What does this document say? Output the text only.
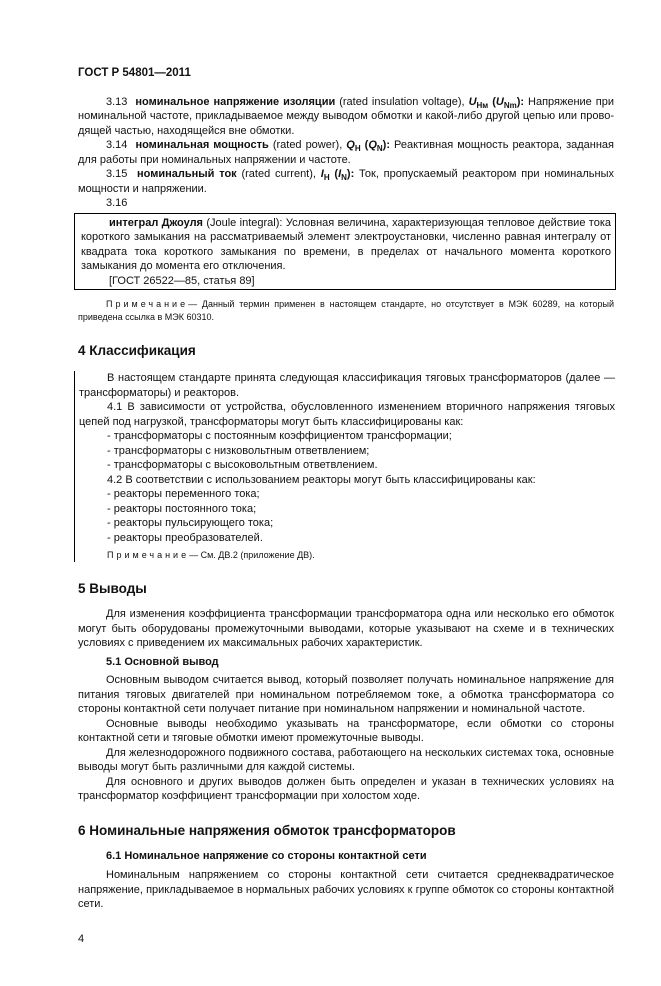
ГОСТ Р 54801—2011

3.13 номинальное напряжение изоляции (rated insulation voltage), $U_{Нм}$ $(U_{Nm})$: Напряжение при номинальной частоте, прикладываемое между выводом обмотки и какой-либо другой цепью или прово-дящей частью, находящейся вне обмотки.

3.14 номинальная мощность (rated power), $Q_Н$ $(Q_N)$: Реактивная мощность реактора, заданная для работы при номинальных напряжении и частоте.

3.15 номинальный ток (rated current), $I_Н$ $(I_N)$: Ток, пропускаемый реактором при номинальных мощности и напряжении.

3.16

интеграл Джоуля (Joule integral): Условная величина, характеризующая тепловое действие тока короткого замыкания на рассматриваемый элемент электроустановки, численно равная интегралу от квадрата тока короткого замыкания по времени, в пределах от начального момента короткого замыкания до момента его отключения.

[ГОСТ 26522—85, статья 89]

Примечание— Данный термин применен в настоящем стандарте, но отсутствует в МЭК 60289, на который приведена ссылка в МЭК 60310.

4 Классификация

В настоящем стандарте принята следующая классификация тяговых трансформаторов (далее — трансформаторы) и реакторов.

4.1 В зависимости от устройства, обусловленного изменением вторичного напряжения тяговых цепей под нагрузкой, трансформаторы могут быть классифицированы как:

- трансформаторы с постоянным коэффициентом трансформации;

- трансформаторы с низковольтным ответвлением;

- трансформаторы с высоковольтным ответвлением.

4.2 В соответствии с использованием реакторы могут быть классифицированы как:

- реакторы переменного тока;

- реакторы постоянного тока;

- реакторы пульсирующего тока;

- реакторы преобразователей.

Примечание— См. ДВ.2 (приложение ДВ).

5 Выводы

Для изменения коэффициента трансформации трансформатора одна или несколько его обмоток могут быть оборудованы промежуточными выводами, которые указывают на схеме и в технических условиях с приведением их максимальных рабочих характеристик.

5.1 Основной вывод

Основным выводом считается вывод, который позволяет получать номинальное напряжение для питания тяговых двигателей при номинальном потребляемом токе, а обмотка трансформатора со стороны контактной сети получает питание при номинальном напряжении и номинальной частоте.

Основные выводы необходимо указывать на трансформаторе, если обмотки со стороны контактной сети и тяговые обмотки имеют промежуточные выводы.

Для железнодорожного подвижного состава, работающего на нескольких системах тока, основные выводы могут быть различными для каждой системы.

Для основного и других выводов должен быть определен и указан в технических условиях на трансформатор коэффициент трансформации при холостом ходе.

6 Номинальные напряжения обмоток трансформаторов

6.1 Номинальное напряжение со стороны контактной сети

Номинальным напряжением со стороны контактной сети считается среднеквадратическое напряжение, прикладываемое в нормальных рабочих условиях к группе обмоток со стороны контактной сети.

4
